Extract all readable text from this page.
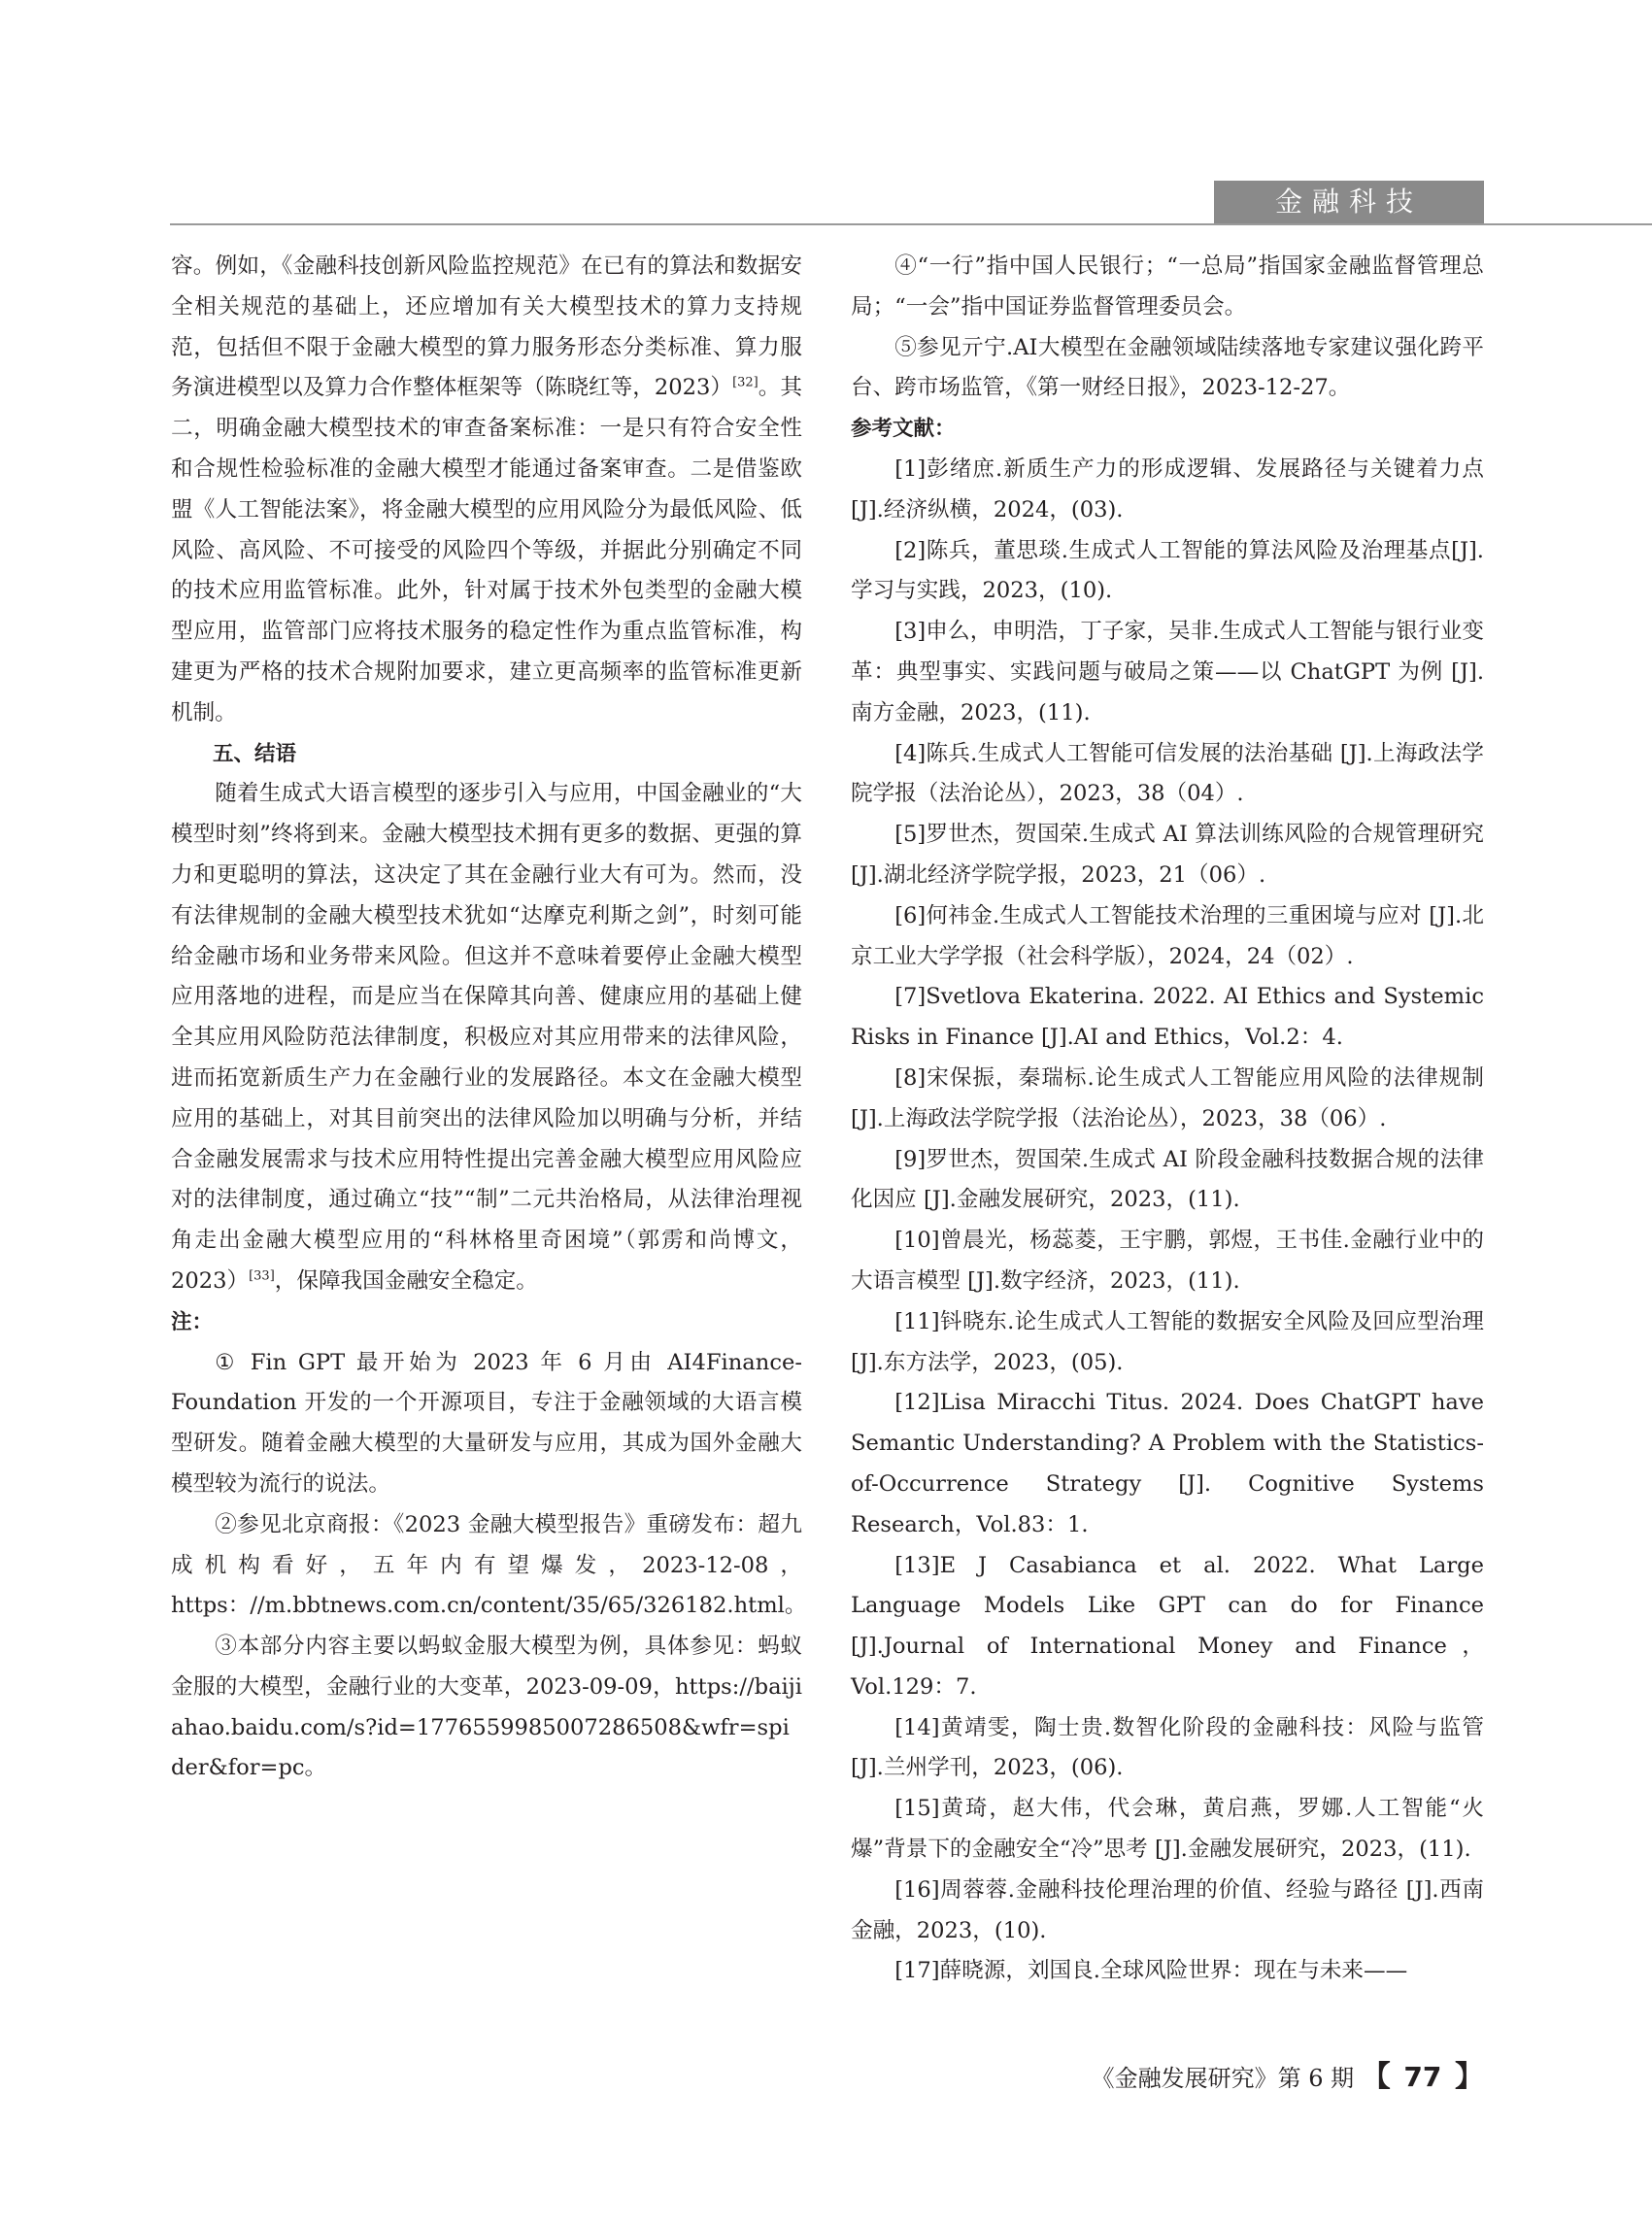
金融科技

容。例如，《金融科技创新风险监控规范》在已有的算法和数据安全相关规范的基础上，还应增加有关大模型技术的算力支持规范，包括但不限于金融大模型的算力服务形态分类标准、算力服务演进模型以及算力合作整体框架等（陈晓红等，2023）[32]。其二，明确金融大模型技术的审查备案标准：一是只有符合安全性和合规性检验标准的金融大模型才能通过备案审查。二是借鉴欧盟《人工智能法案》，将金融大模型的应用风险分为最低风险、低风险、高风险、不可接受的风险四个等级，并据此分别确定不同的技术应用监管标准。此外，针对属于技术外包类型的金融大模型应用，监管部门应将技术服务的稳定性作为重点监管标准，构建更为严格的技术合规附加要求，建立更高频率的监管标准更新机制。

五、结语

随着生成式大语言模型的逐步引入与应用，中国金融业的“大模型时刻”终将到来。金融大模型技术拥有更多的数据、更强的算力和更聪明的算法，这决定了其在金融行业大有可为。然而，没有法律规制的金融大模型技术犹如“达摩克利斯之剑”，时刻可能给金融市场和业务带来风险。但这并不意味着要停止金融大模型应用落地的进程，而是应当在保障其向善、健康应用的基础上健全其应用风险防范法律制度，积极应对其应用带来的法律风险，进而拓宽新质生产力在金融行业的发展路径。本文在金融大模型应用的基础上，对其目前突出的法律风险加以明确与分析，并结合金融发展需求与技术应用特性提出完善金融大模型应用风险应对的法律制度，通过确立“技”“制”二元共治格局，从法律治理视角走出金融大模型应用的“科林格里奇困境”（郭雳和尚博文，2023）[33]，保障我国金融安全稳定。

注：

① Fin GPT 最开始为 2023 年 6 月由 AI4Finance-Foundation 开发的一个开源项目，专注于金融领域的大语言模型研发。随着金融大模型的大量研发与应用，其成为国外金融大模型较为流行的说法。

②参见北京商报：《2023 金融大模型报告》重磅发布：超九成机构看好，五年内有望爆发，2023-12-08，https：//m.bbtnews.com.cn/content/35/65/326182.html。

③本部分内容主要以蚂蚁金服大模型为例，具体参见：蚂蚁金服的大模型，金融行业的大变革，2023-09-09，https://baijiahao.baidu.com/s?id=1776559985007286508&wfr=spider&for=pc。

④“一行”指中国人民银行；“一总局”指国家金融监督管理总局；“一会”指中国证券监督管理委员会。

⑤参见亓宁.AI大模型在金融领域陆续落地专家建议强化跨平台、跨市场监管，《第一财经日报》，2023-12-27。

参考文献：

[1]彭绪庶.新质生产力的形成逻辑、发展路径与关键着力点 [J].经济纵横，2024，(03).

[2]陈兵，董思琰.生成式人工智能的算法风险及治理基点[J].学习与实践，2023，(10).

[3]申么，申明浩，丁子家，吴非.生成式人工智能与银行业变革：典型事实、实践问题与破局之策——以 ChatGPT 为例 [J].南方金融，2023，(11).

[4]陈兵.生成式人工智能可信发展的法治基础 [J].上海政法学院学报（法治论丛），2023，38（04）.

[5]罗世杰，贺国荣.生成式 AI 算法训练风险的合规管理研究 [J].湖北经济学院学报，2023，21（06）.

[6]何祎金.生成式人工智能技术治理的三重困境与应对 [J].北京工业大学学报（社会科学版），2024，24（02）.

[7]Svetlova Ekaterina. 2022. AI Ethics and Systemic Risks in Finance [J].AI and Ethics，Vol.2：4.

[8]宋保振，秦瑞标.论生成式人工智能应用风险的法律规制 [J].上海政法学院学报（法治论丛），2023，38（06）.

[9]罗世杰，贺国荣.生成式 AI 阶段金融科技数据合规的法律化因应 [J].金融发展研究，2023，(11).

[10]曾晨光，杨蕊菱，王宇鹏，郭煜，王书佳.金融行业中的大语言模型 [J].数字经济，2023，(11).

[11]钭晓东.论生成式人工智能的数据安全风险及回应型治理 [J].东方法学，2023，(05).

[12]Lisa Miracchi Titus. 2024. Does ChatGPT have Semantic Understanding? A Problem with the Statistics-of-Occurrence Strategy [J]. Cognitive Systems Research，Vol.83：1.

[13]E J Casabianca et al. 2022. What Large Language Models Like GPT can do for Finance [J].Journal of International Money and Finance，Vol.129：7.

[14]黄靖雯，陶士贵.数智化阶段的金融科技：风险与监管 [J].兰州学刊，2023，(06).

[15]黄琦，赵大伟，代会琳，黄启燕，罗娜.人工智能“火爆”背景下的金融安全“冷”思考 [J].金融发展研究，2023，(11).

[16]周蓉蓉.金融科技伦理治理的价值、经验与路径 [J].西南金融，2023，(10).

[17]薛晓源，刘国良.全球风险世界：现在与未来——

《金融发展研究》第 6 期 【 77 】
